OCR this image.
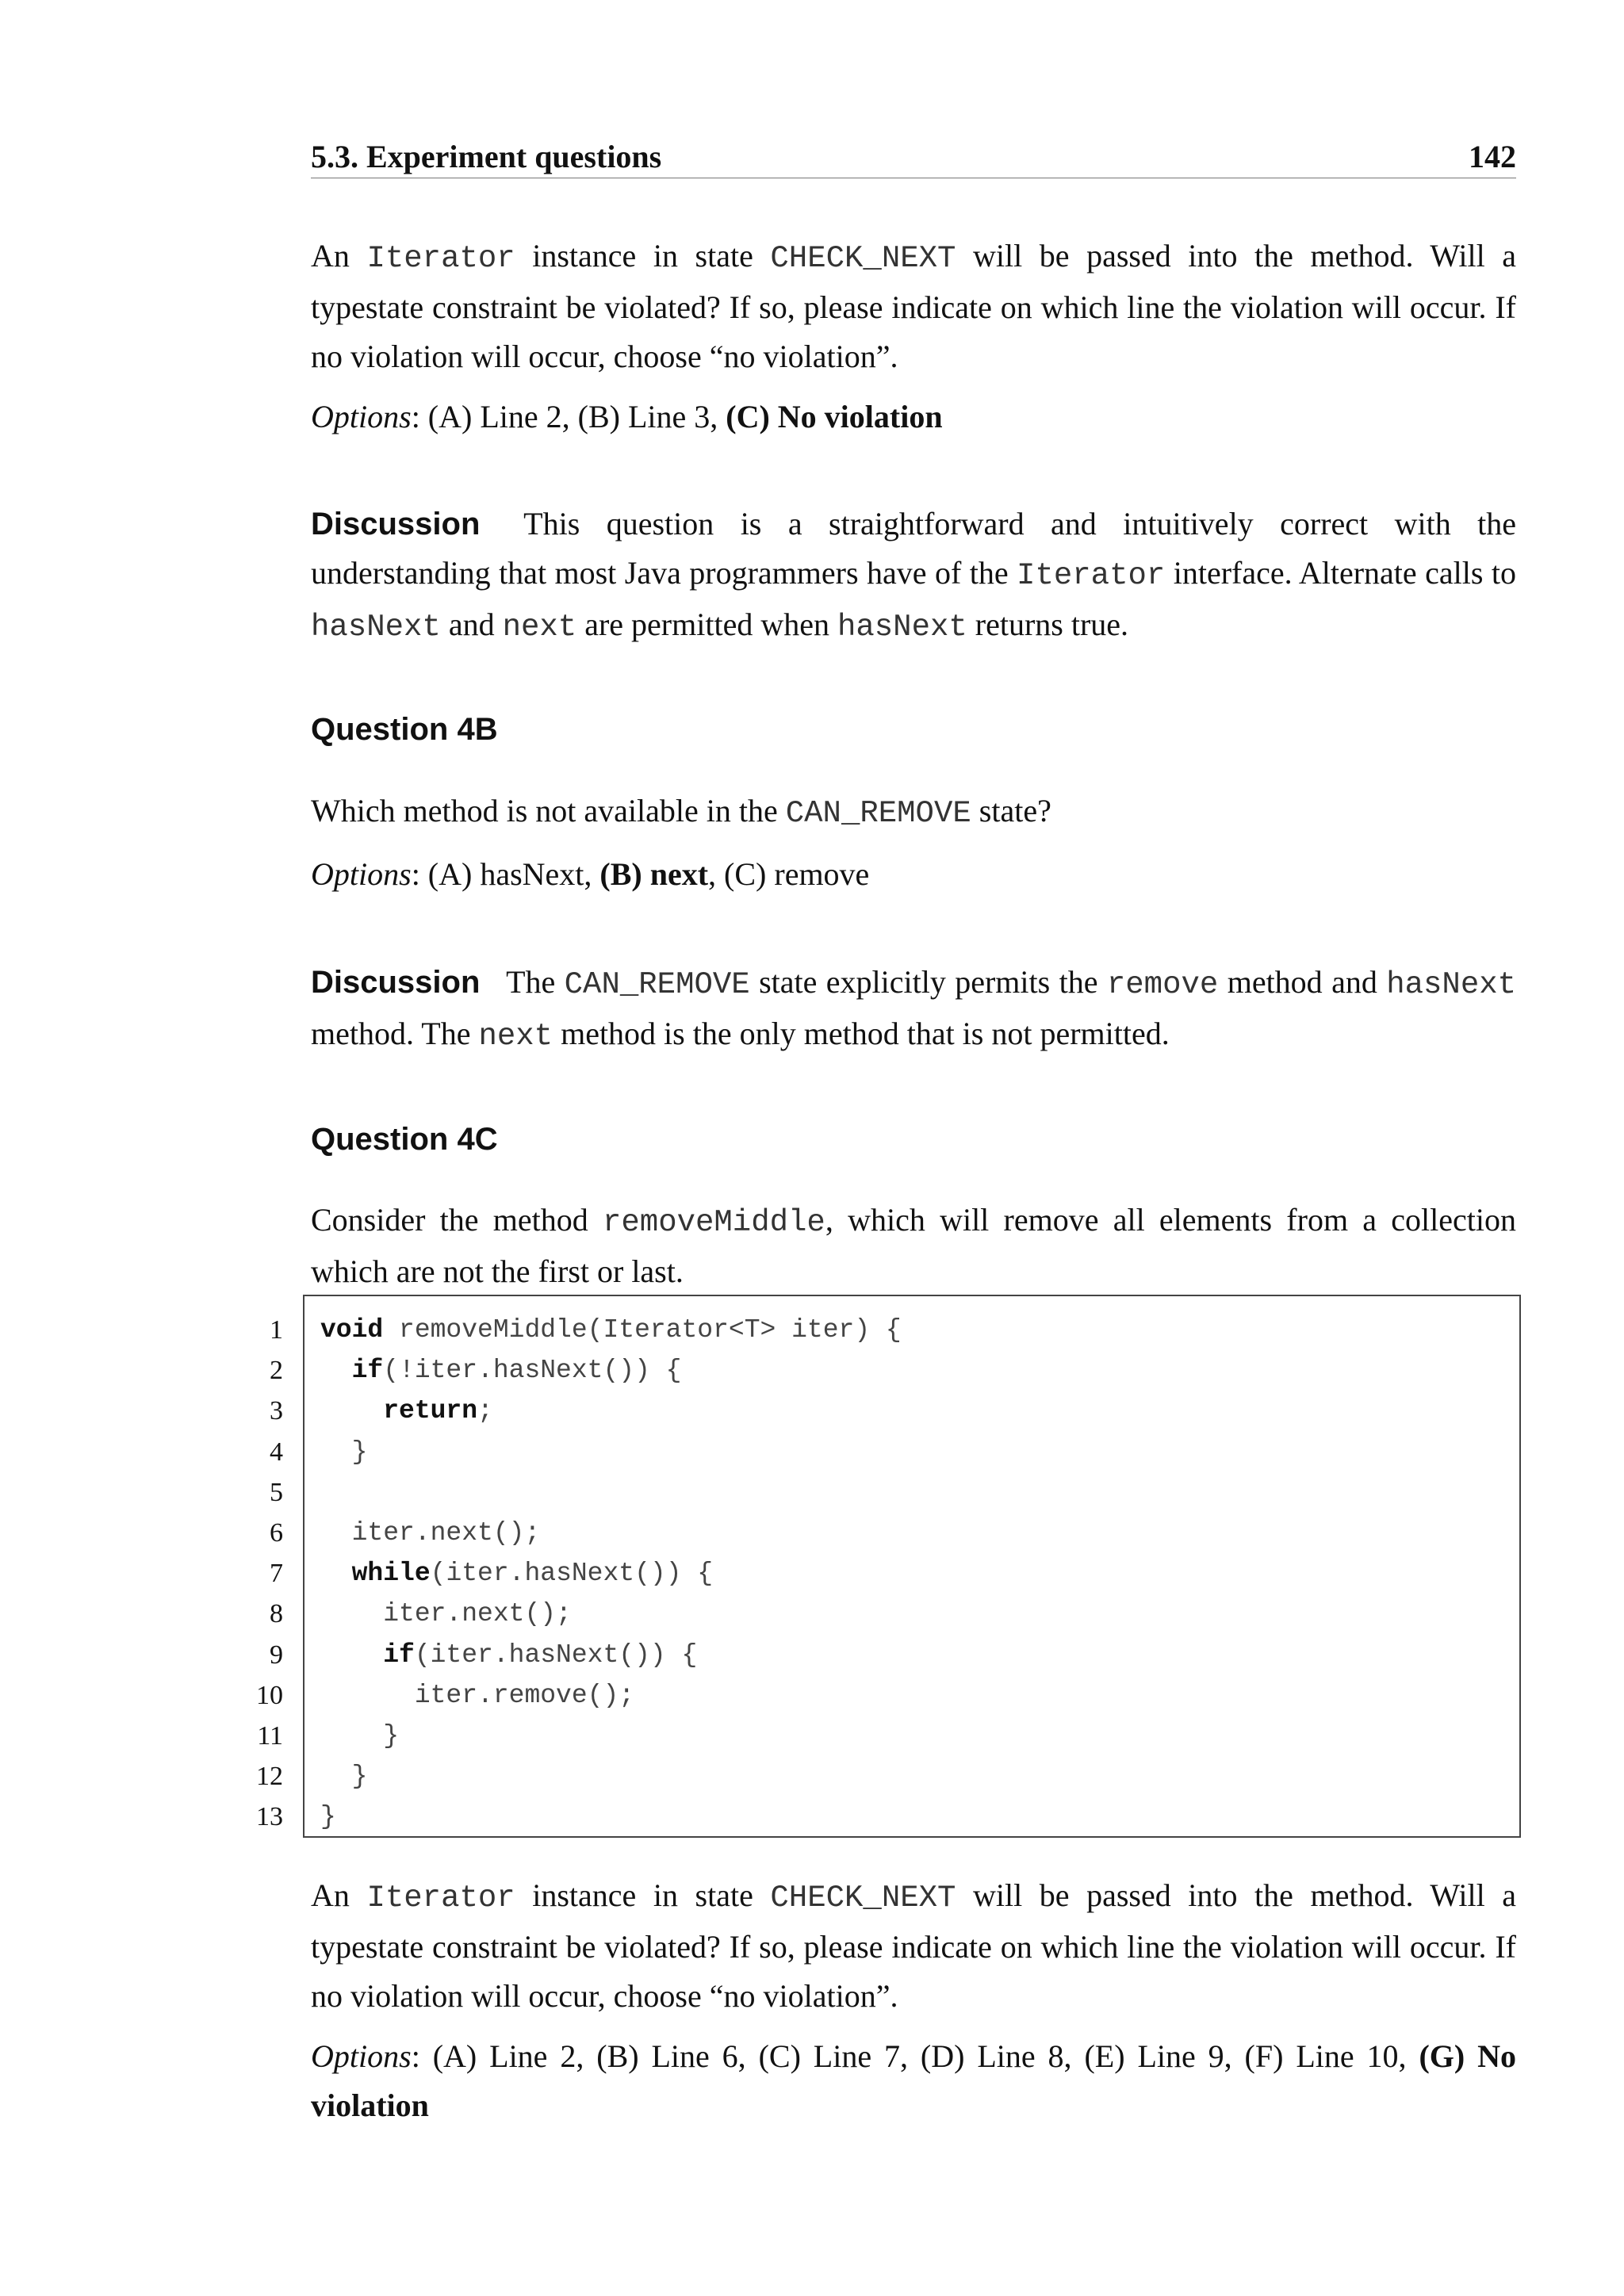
5.3. Experiment questions	142

An Iterator instance in state CHECK_NEXT will be passed into the method. Will a typestate constraint be violated? If so, please indicate on which line the violation will occur. If no violation will occur, choose “no violation”.

Options: (A) Line 2, (B) Line 3, (C) No violation

Discussion This question is a straightforward and intuitively correct with the understanding that most Java programmers have of the Iterator interface. Alternate calls to hasNext and next are permitted when hasNext returns true.

Question 4B

Which method is not available in the CAN_REMOVE state?

Options: (A) hasNext, (B) next, (C) remove

Discussion The CAN_REMOVE state explicitly permits the remove method and hasNext method. The next method is the only method that is not permitted.

Question 4C

Consider the method removeMiddle, which will remove all elements from a collection which are not the first or last.

1 void removeMiddle(Iterator<T> iter) {
2	if(!iter.hasNext()) {
3	return;
4	}
5
6	iter.next();
7	while(iter.hasNext()) {
8	iter.next();
9	if(iter.hasNext()) {
10	iter.remove();
11	}
12	}
13 }

An Iterator instance in state CHECK_NEXT will be passed into the method. Will a typestate constraint be violated? If so, please indicate on which line the violation will occur. If no violation will occur, choose “no violation”.

Options: (A) Line 2, (B) Line 6, (C) Line 7, (D) Line 8, (E) Line 9, (F) Line 10, (G) No violation
